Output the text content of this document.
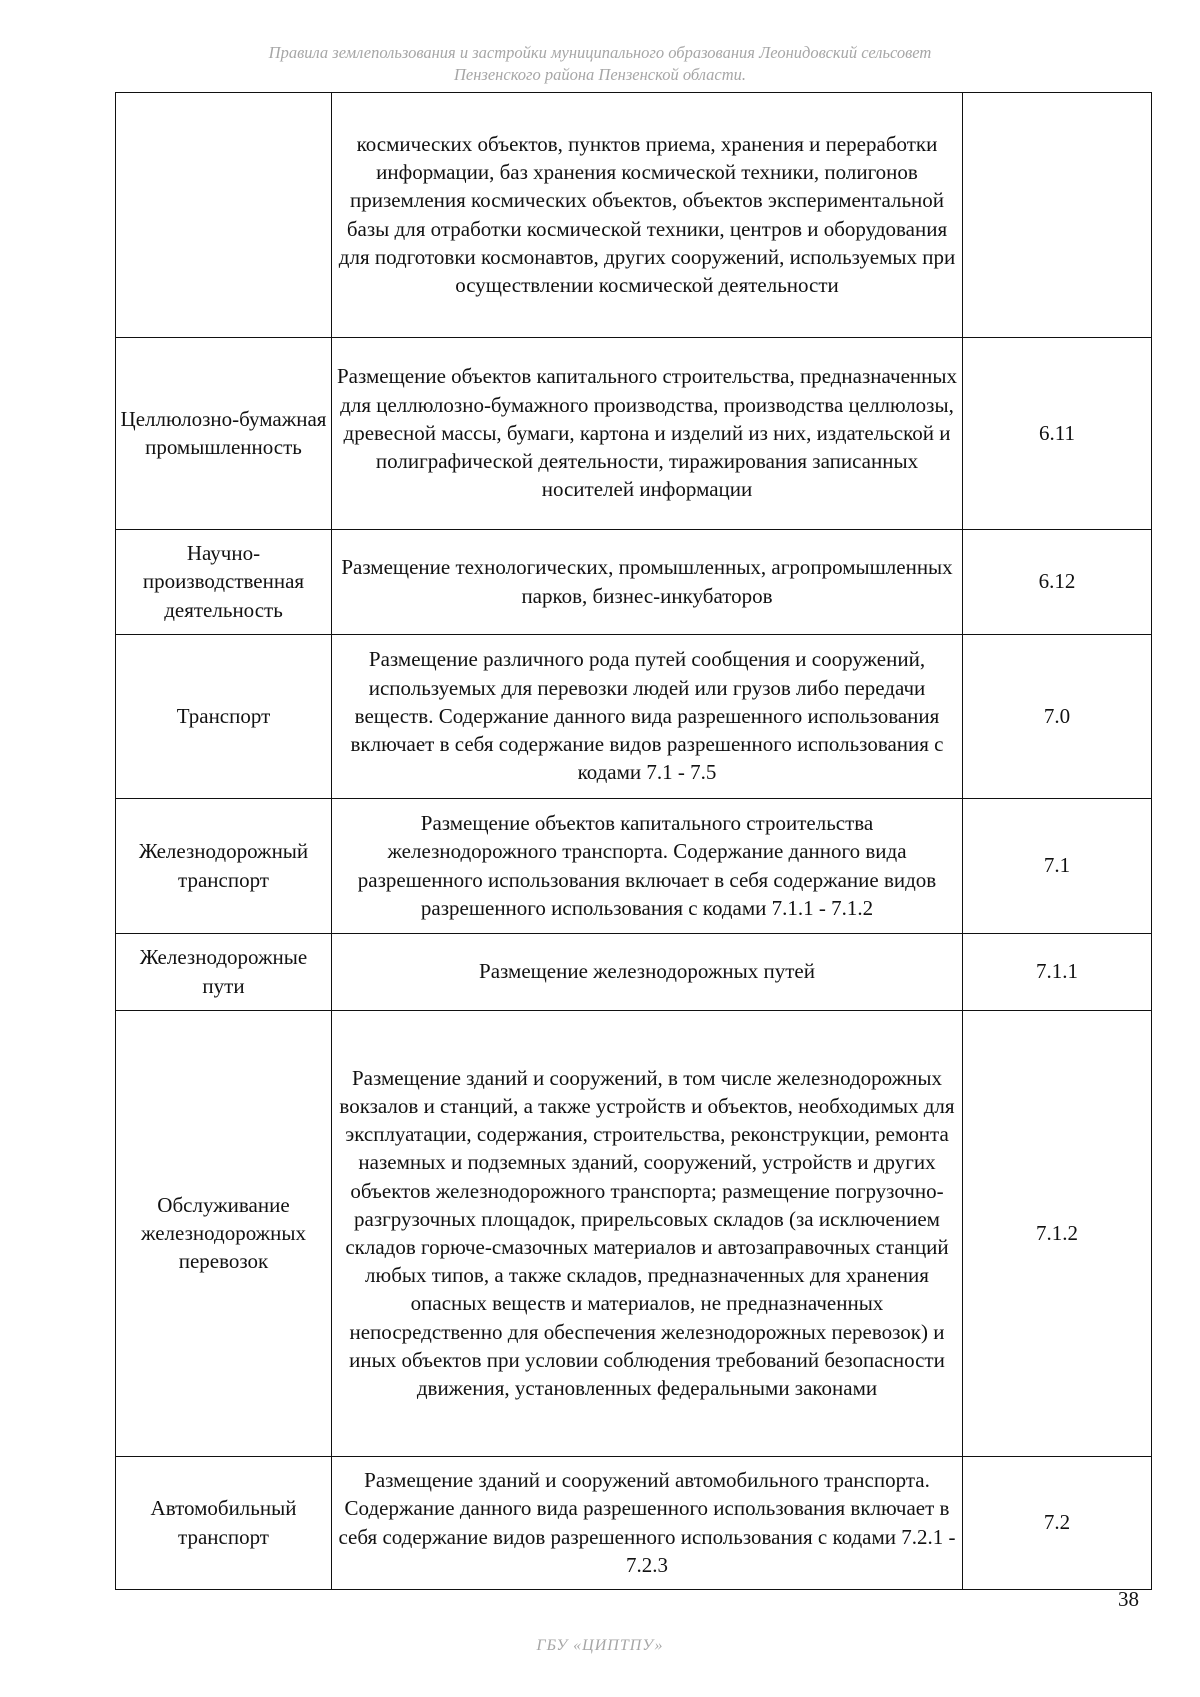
Правила землепользования и застройки муниципального образования Леонидовский сельсовет
Пензенского района Пензенской области.
	космических объектов, пунктов приема, хранения и переработки информации, баз хранения космической техники, полигонов приземления космических объектов, объектов экспериментальной базы для отработки космической техники, центров и оборудования для подготовки космонавтов, других сооружений, используемых при осуществлении космической деятельности	
Целлюлозно-бумажная промышленность	Размещение объектов капитального строительства, предназначенных для целлюлозно-бумажного производства, производства целлюлозы, древесной массы, бумаги, картона и изделий из них, издательской и полиграфической деятельности, тиражирования записанных носителей информации	6.11
Научно-производственная деятельность	Размещение технологических, промышленных, агропромышленных парков, бизнес-инкубаторов	6.12
Транспорт	Размещение различного рода путей сообщения и сооружений, используемых для перевозки людей или грузов либо передачи веществ. Содержание данного вида разрешенного использования включает в себя содержание видов разрешенного использования с кодами 7.1 - 7.5	7.0
Железнодорожный транспорт	Размещение объектов капитального строительства железнодорожного транспорта. Содержание данного вида разрешенного использования включает в себя содержание видов разрешенного использования с кодами 7.1.1 - 7.1.2	7.1
Железнодорожные пути	Размещение железнодорожных путей	7.1.1
Обслуживание железнодорожных перевозок	Размещение зданий и сооружений, в том числе железнодорожных вокзалов и станций, а также устройств и объектов, необходимых для эксплуатации, содержания, строительства, реконструкции, ремонта наземных и подземных зданий, сооружений, устройств и других объектов железнодорожного транспорта; размещение погрузочно-разгрузочных площадок, прирельсовых складов (за исключением складов горюче-смазочных материалов и автозаправочных станций любых типов, а также складов, предназначенных для хранения опасных веществ и материалов, не предназначенных непосредственно для обеспечения железнодорожных перевозок) и иных объектов при условии соблюдения требований безопасности движения, установленных федеральными законами	7.1.2
Автомобильный транспорт	Размещение зданий и сооружений автомобильного транспорта. Содержание данного вида разрешенного использования включает в себя содержание видов разрешенного использования с кодами 7.2.1 - 7.2.3	7.2
38
ГБУ «ЦИПТПУ»
